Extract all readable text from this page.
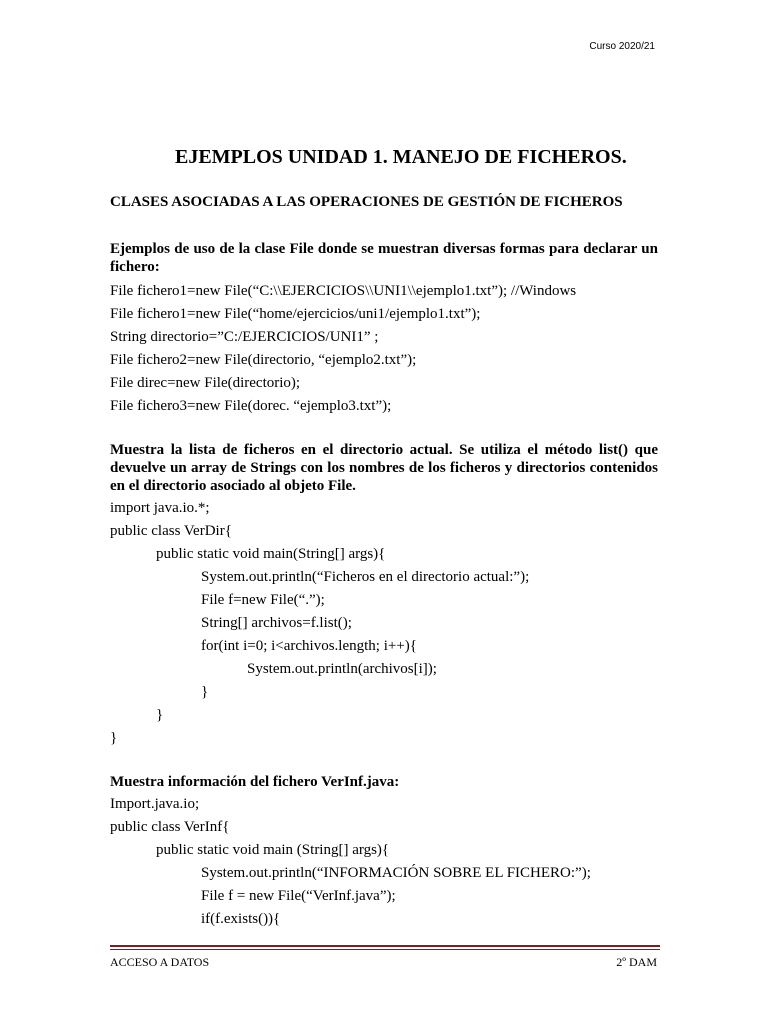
Curso 2020/21
EJEMPLOS UNIDAD 1. MANEJO DE FICHEROS.
CLASES ASOCIADAS A LAS OPERACIONES DE GESTIÓN DE FICHEROS

Ejemplos de uso de la clase File donde se muestran diversas formas para declarar un fichero:

File fichero1=new File(“C:\\EJERCICIOS\\UNI1\\ejemplo1.txt”); //Windows
File fichero1=new File(“home/ejercicios/uni1/ejemplo1.txt”);
String directorio=”C:/EJERCICIOS/UNI1” ;
File fichero2=new File(directorio, “ejemplo2.txt”);
File direc=new File(directorio);
File fichero3=new File(dorec. “ejemplo3.txt”);

Muestra la lista de ficheros en el directorio actual. Se utiliza el método list() que devuelve un array de Strings con los nombres de los ficheros y directorios contenidos en el directorio asociado al objeto File.

import java.io.*;
public class VerDir{
public static void main(String[] args){
System.out.println(“Ficheros en el directorio actual:”);
File f=new File(“.”);
String[] archivos=f.list();
for(int i=0; i<archivos.length; i++){
System.out.println(archivos[i]);
}
}
}

Muestra información del fichero VerInf.java:

Import.java.io;
public class VerInf{
public static void main (String[] args){
System.out.println(“INFORMACIÓN SOBRE EL FICHERO:”);
File f = new File(“VerInf.java”);
if(f.exists()){
ACCESO A DATOS	2º DAM
